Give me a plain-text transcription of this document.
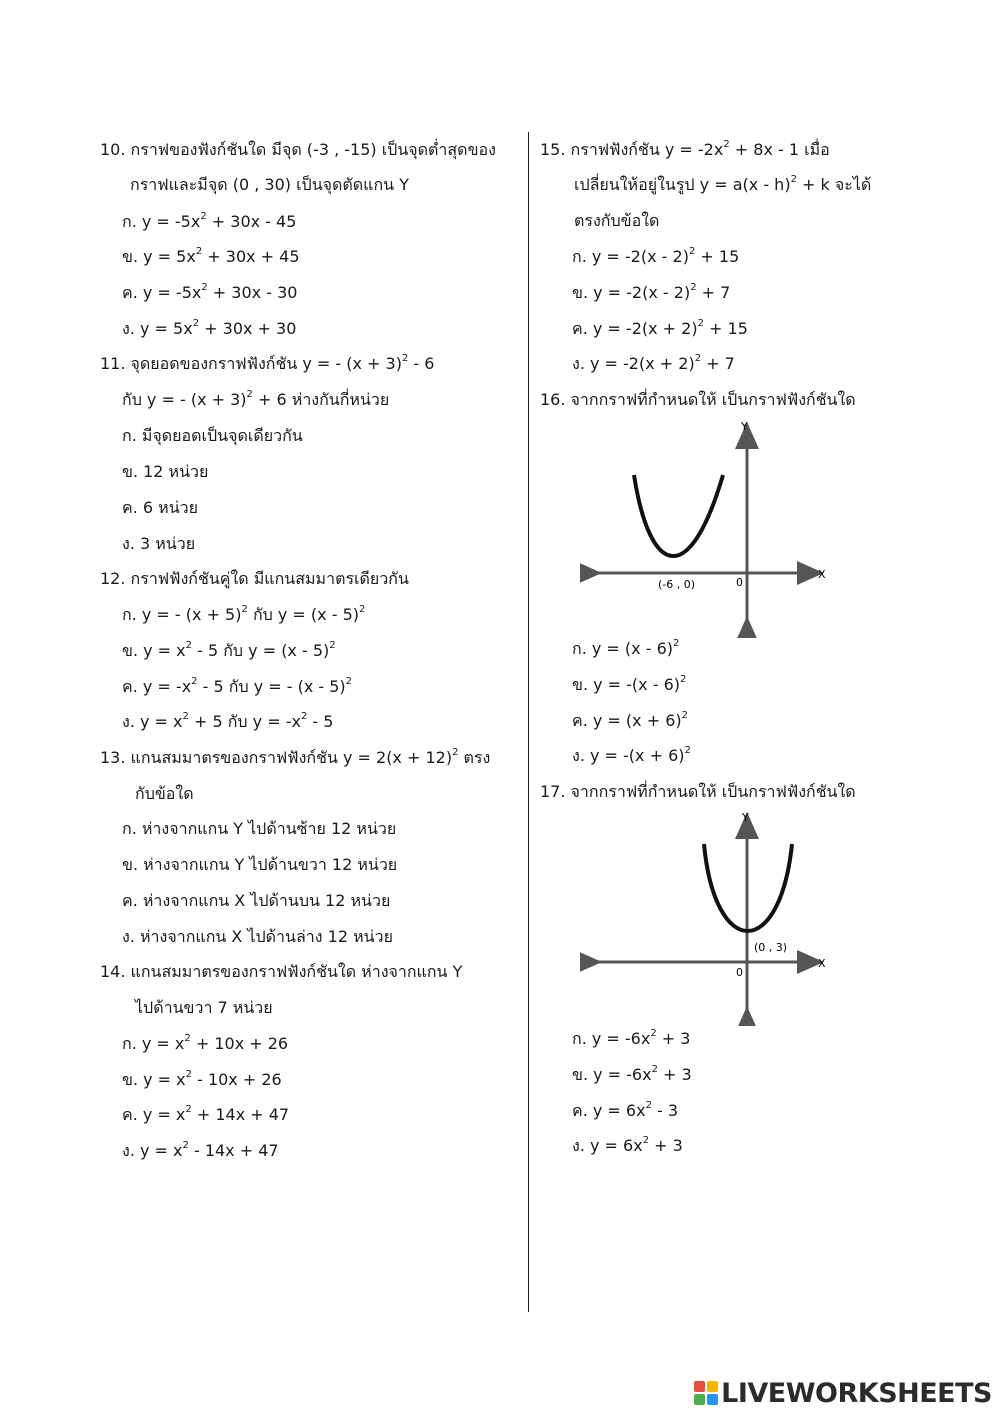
10. กราฟของฟังก์ชันใด มีจุด (-3 , -15) เป็นจุดต่ำสุดของ
กราฟและมีจุด (0 , 30) เป็นจุดตัดแกน Y
ก. $y = -5x^2 + 30x - 45$
ข. $y = 5x^2 + 30x + 45$
ค. $y = -5x^2 + 30x - 30$
ง. $y = 5x^2 + 30x + 30$
11. จุดยอดของกราฟฟังก์ชัน y = - $(x + 3)^2 - 6$
กับ y = - $(x + 3)^2 + 6$ ห่างกันกี่หน่วย
ก. มีจุดยอดเป็นจุดเดียวกัน
ข. 12 หน่วย
ค. 6 หน่วย
ง. 3 หน่วย
12. กราฟฟังก์ชันคู่ใด มีแกนสมมาตรเดียวกัน
ก. y = - $(x + 5)^2$ กับ y = (x - 5)$^2$
ข. $y = x^2 - 5$ กับ y = (x - 5)$^2$
ค. $y = -x^2 - 5$ กับ y = - (x - 5)$^2$
ง. $y = x^2 + 5$ กับ $y = -x^2 - 5$
13. แกนสมมาตรของกราฟฟังก์ชัน $y = 2(x + 12)^2$ ตรง
กับข้อใด
ก. ห่างจากแกน Y ไปด้านซ้าย 12 หน่วย
ข. ห่างจากแกน Y ไปด้านขวา 12 หน่วย
ค. ห่างจากแกน X ไปด้านบน 12 หน่วย
ง. ห่างจากแกน X ไปด้านล่าง 12 หน่วย
14. แกนสมมาตรของกราฟฟังก์ชันใด ห่างจากแกน Y
ไปด้านขวา 7 หน่วย
ก. $y = x^2 + 10x + 26$
ข. $y = x^2 - 10x + 26$
ค. $y = x^2 + 14x + 47$
ง. $y = x^2 - 14x + 47$
15. กราฟฟังก์ชัน $y = -2x^2 + 8x - 1$ เมื่อ
เปลี่ยนให้อยู่ในรูป y = a(x - h)$^2$ + k จะได้
ตรงกับข้อใด
ก. y = -2(x - 2)$^2$ + 15
ข. y = -2(x - 2)$^2$ + 7
ค. $y = -2(x + 2)^2 + 15$
ง. $y = -2(x + 2)^2 + 7$
16. จากกราฟที่กำหนดให้ เป็นกราฟฟังก์ชันใด
Y
X
0
(-6 , 0)
ก. y = (x - 6)$^2$
ข. y = -(x - 6)$^2$
ค. $y = (x + 6)^2$
ง. $y = -(x + 6)^2$
17. จากกราฟที่กำหนดให้ เป็นกราฟฟังก์ชันใด
Y
X
0
(0 , 3)
ก. $y = -6x^2 + 3$
ข. $y = -6x^2 + 3$
ค. $y = 6x^2 - 3$
ง. $y = 6x^2 + 3$
LIVEWORKSHEETS
